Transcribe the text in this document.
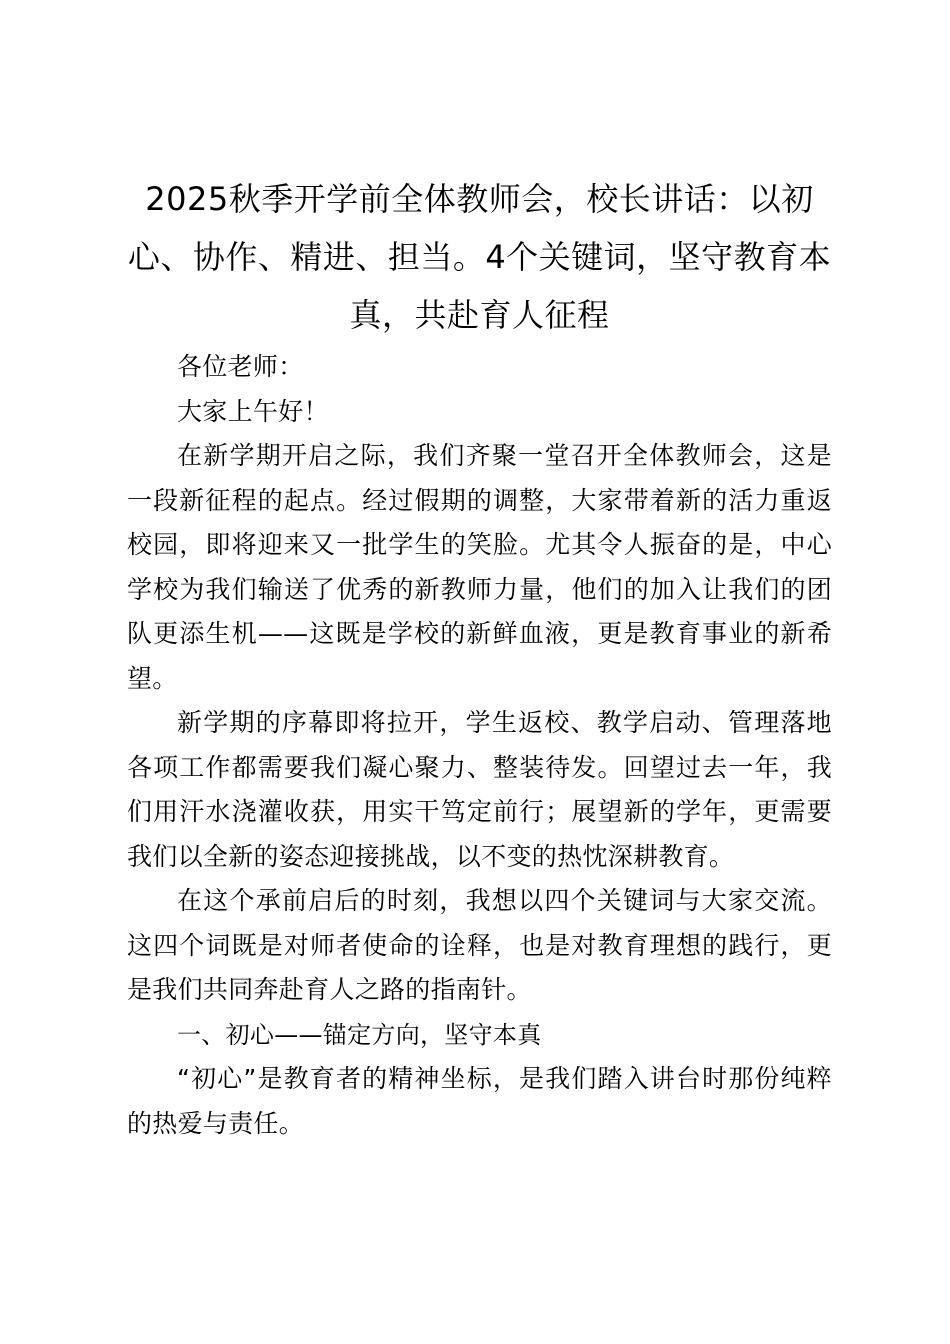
2025秋季开学前全体教师会，校长讲话：以初心、协作、精进、担当。4个关键词，坚守教育本真，共赴育人征程

各位老师：

大家上午好！

在新学期开启之际，我们齐聚一堂召开全体教师会，这是一段新征程的起点。经过假期的调整，大家带着新的活力重返校园，即将迎来又一批学生的笑脸。尤其令人振奋的是，中心学校为我们输送了优秀的新教师力量，他们的加入让我们的团队更添生机——这既是学校的新鲜血液，更是教育事业的新希望。

新学期的序幕即将拉开，学生返校、教学启动、管理落地各项工作都需要我们凝心聚力、整装待发。回望过去一年，我们用汗水浇灌收获，用实干笃定前行；展望新的学年，更需要我们以全新的姿态迎接挑战，以不变的热忱深耕教育。

在这个承前启后的时刻，我想以四个关键词与大家交流。这四个词既是对师者使命的诠释，也是对教育理想的践行，更是我们共同奔赴育人之路的指南针。

一、初心——锚定方向，坚守本真

“初心”是教育者的精神坐标，是我们踏入讲台时那份纯粹的热爱与责任。
